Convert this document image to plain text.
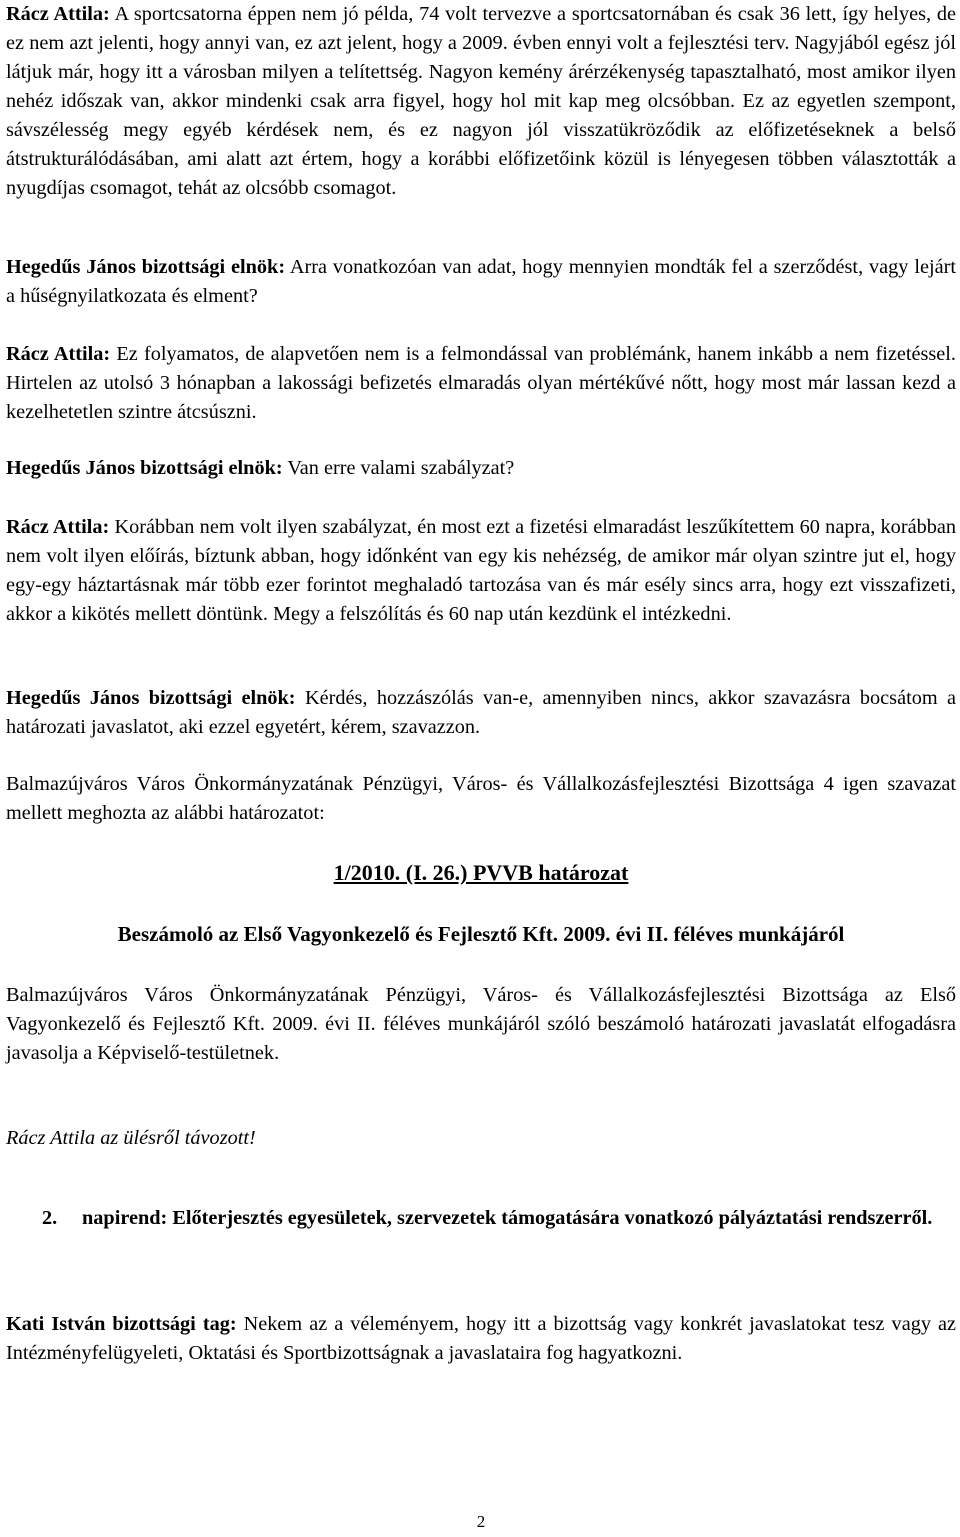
Rácz Attila: A sportcsatorna éppen nem jó példa, 74 volt tervezve a sportcsatornában és csak 36 lett, így helyes, de ez nem azt jelenti, hogy annyi van, ez azt jelent, hogy a 2009. évben ennyi volt a fejlesztési terv. Nagyjából egész jól látjuk már, hogy itt a városban milyen a telítettség. Nagyon kemény árérzékenység tapasztalható, most amikor ilyen nehéz időszak van, akkor mindenki csak arra figyel, hogy hol mit kap meg olcsóbban. Ez az egyetlen szempont, sávszélesség megy egyéb kérdések nem, és ez nagyon jól visszatükröződik az előfizetéseknek a belső átstrukturálódásában, ami alatt azt értem, hogy a korábbi előfizetőink közül is lényegesen többen választották a nyugdíjas csomagot, tehát az olcsóbb csomagot.

Hegedűs János bizottsági elnök: Arra vonatkozóan van adat, hogy mennyien mondták fel a szerződést, vagy lejárt a hűségnyilatkozata és elment?

Rácz Attila: Ez folyamatos, de alapvetően nem is a felmondással van problémánk, hanem inkább a nem fizetéssel. Hirtelen az utolsó 3 hónapban a lakossági befizetés elmaradás olyan mértékűvé nőtt, hogy most már lassan kezd a kezelhetetlen szintre átcsúszni.

Hegedűs János bizottsági elnök: Van erre valami szabályzat?

Rácz Attila: Korábban nem volt ilyen szabályzat, én most ezt a fizetési elmaradást leszűkítettem 60 napra, korábban nem volt ilyen előírás, bíztunk abban, hogy időnként van egy kis nehézség, de amikor már olyan szintre jut el, hogy egy-egy háztartásnak már több ezer forintot meghaladó tartozása van és már esély sincs arra, hogy ezt visszafizeti, akkor a kikötés mellett döntünk. Megy a felszólítás és 60 nap után kezdünk el intézkedni.

Hegedűs János bizottsági elnök: Kérdés, hozzászólás van-e, amennyiben nincs, akkor szavazásra bocsátom a határozati javaslatot, aki ezzel egyetért, kérem, szavazzon.

Balmazújváros Város Önkormányzatának Pénzügyi, Város- és Vállalkozásfejlesztési Bizottsága 4 igen szavazat mellett meghozta az alábbi határozatot:

1/2010. (I. 26.) PVVB határozat

Beszámoló az Első Vagyonkezelő és Fejlesztő Kft. 2009. évi II. féléves munkájáról

Balmazújváros Város Önkormányzatának Pénzügyi, Város- és Vállalkozásfejlesztési Bizottsága az Első Vagyonkezelő és Fejlesztő Kft. 2009. évi II. féléves munkájáról szóló beszámoló határozati javaslatát elfogadásra javasolja a Képviselő-testületnek.

Rácz Attila az ülésről távozott!

2. napirend: Előterjesztés egyesületek, szervezetek támogatására vonatkozó pályáztatási rendszerről.

Kati István bizottsági tag: Nekem az a véleményem, hogy itt a bizottság vagy konkrét javaslatokat tesz vagy az Intézményfelügyeleti, Oktatási és Sportbizottságnak a javaslataira fog hagyatkozni.

2
